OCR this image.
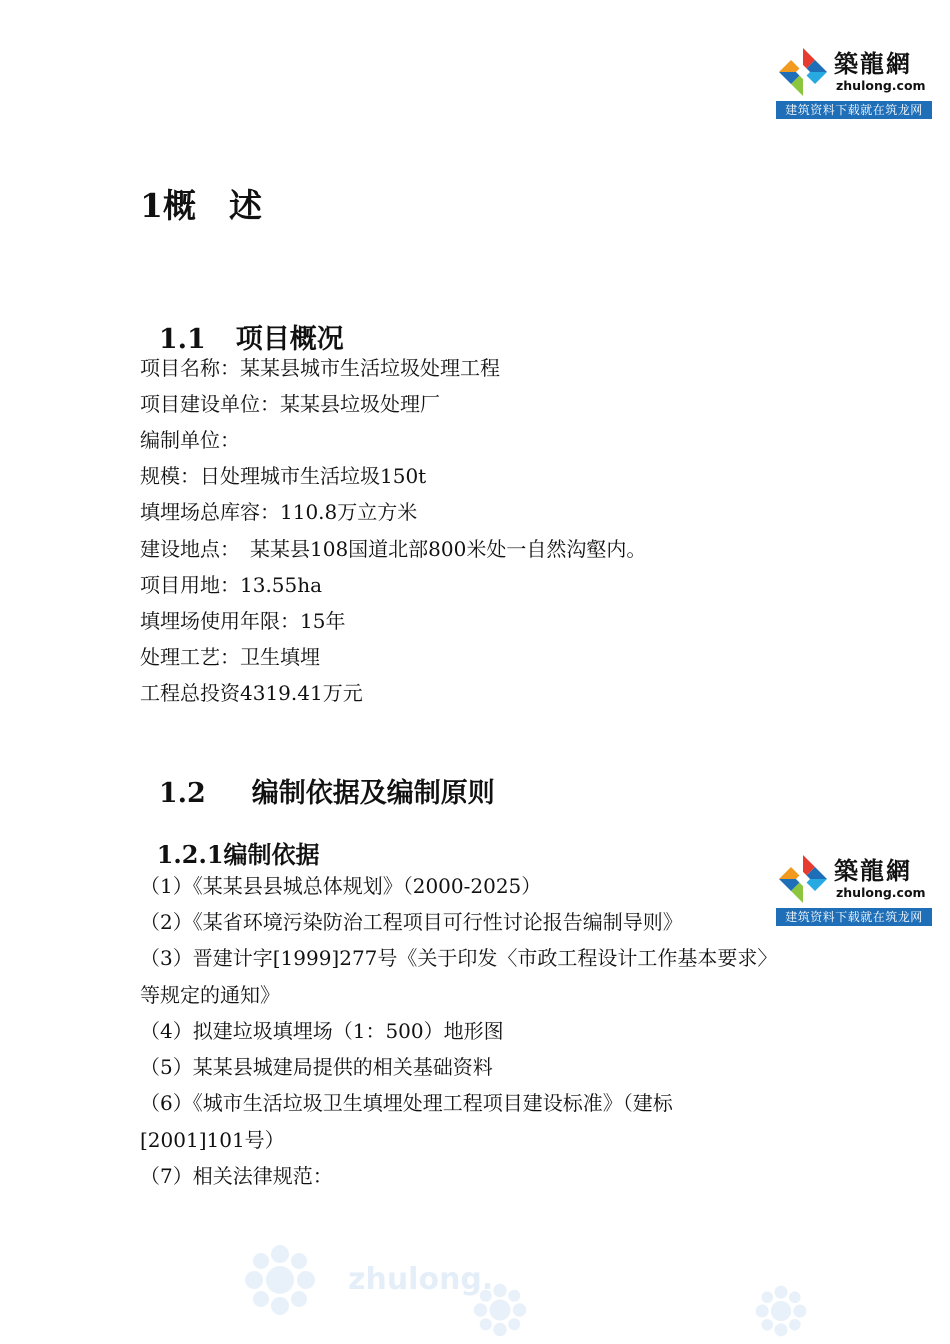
築龍網
zhulong.com
建筑资料下载就在筑龙网
築龍網
zhulong.com
建筑资料下载就在筑龙网
1概　述

1.1 项目概况

项目名称：某某县城市生活垃圾处理工程
项目建设单位：某某县垃圾处理厂
编制单位：
规模：日处理城市生活垃圾150t
填埋场总库容：110.8万立方米
建设地点：　某某县108国道北部800米处一自然沟壑内。
项目用地：13.55ha
填埋场使用年限：15年
处理工艺：卫生填埋
工程总投资4319.41万元

1.2 编制依据及编制原则

1.2.1编制依据

（1）《某某县县城总体规划》（2000-2025）
（2）《某省环境污染防治工程项目可行性讨论报告编制导则》
（3）晋建计字[1999]277号《关于印发〈市政工程设计工作基本要求〉
等规定的通知》
（4）拟建垃圾填埋场（1：500）地形图
（5）某某县城建局提供的相关基础资料
（6）《城市生活垃圾卫生填埋处理工程项目建设标准》（建标
[2001]101号）
（7）相关法律规范：
zhulong.
